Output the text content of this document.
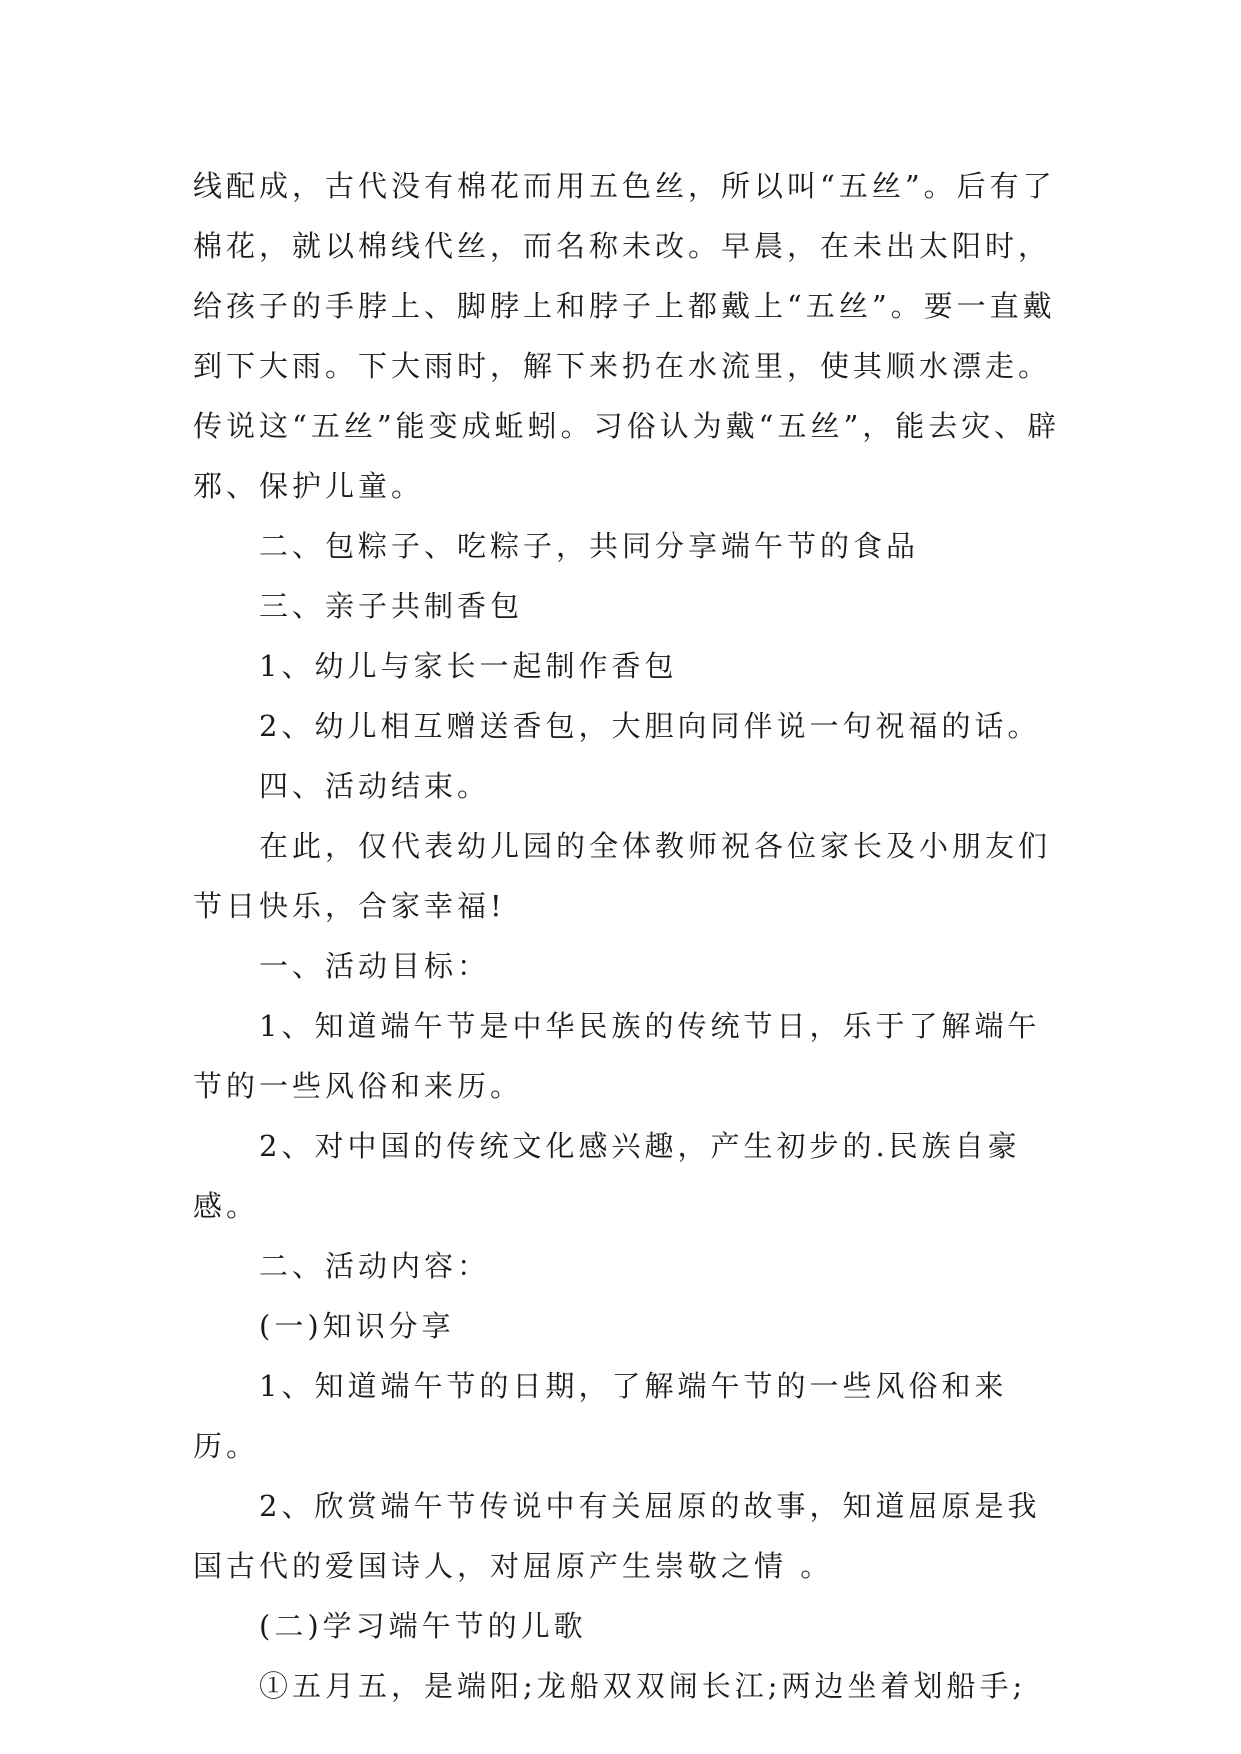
线配成，古代没有棉花而用五色丝，所以叫“五丝”。后有了棉花，就以棉线代丝，而名称未改。早晨，在未出太阳时，给孩子的手脖上、脚脖上和脖子上都戴上“五丝”。要一直戴到下大雨。下大雨时，解下来扔在水流里，使其顺水漂走。传说这“五丝”能变成蚯蚓。习俗认为戴“五丝”，能去灾、辟邪、保护儿童。

二、包粽子、吃粽子，共同分享端午节的食品

三、亲子共制香包

1、幼儿与家长一起制作香包

2、幼儿相互赠送香包，大胆向同伴说一句祝福的话。

四、活动结束。

在此，仅代表幼儿园的全体教师祝各位家长及小朋友们节日快乐，合家幸福!

一、活动目标：

1、知道端午节是中华民族的传统节日，乐于了解端午节的一些风俗和来历。

2、对中国的传统文化感兴趣，产生初步的.民族自豪感。

二、活动内容：

(一)知识分享

1、知道端午节的日期，了解端午节的一些风俗和来历。

2、欣赏端午节传说中有关屈原的故事，知道屈原是我国古代的爱国诗人，对屈原产生崇敬之情 。

(二)学习端午节的儿歌

①五月五，是端阳;龙船双双闹长江;两边坐着划船手;
